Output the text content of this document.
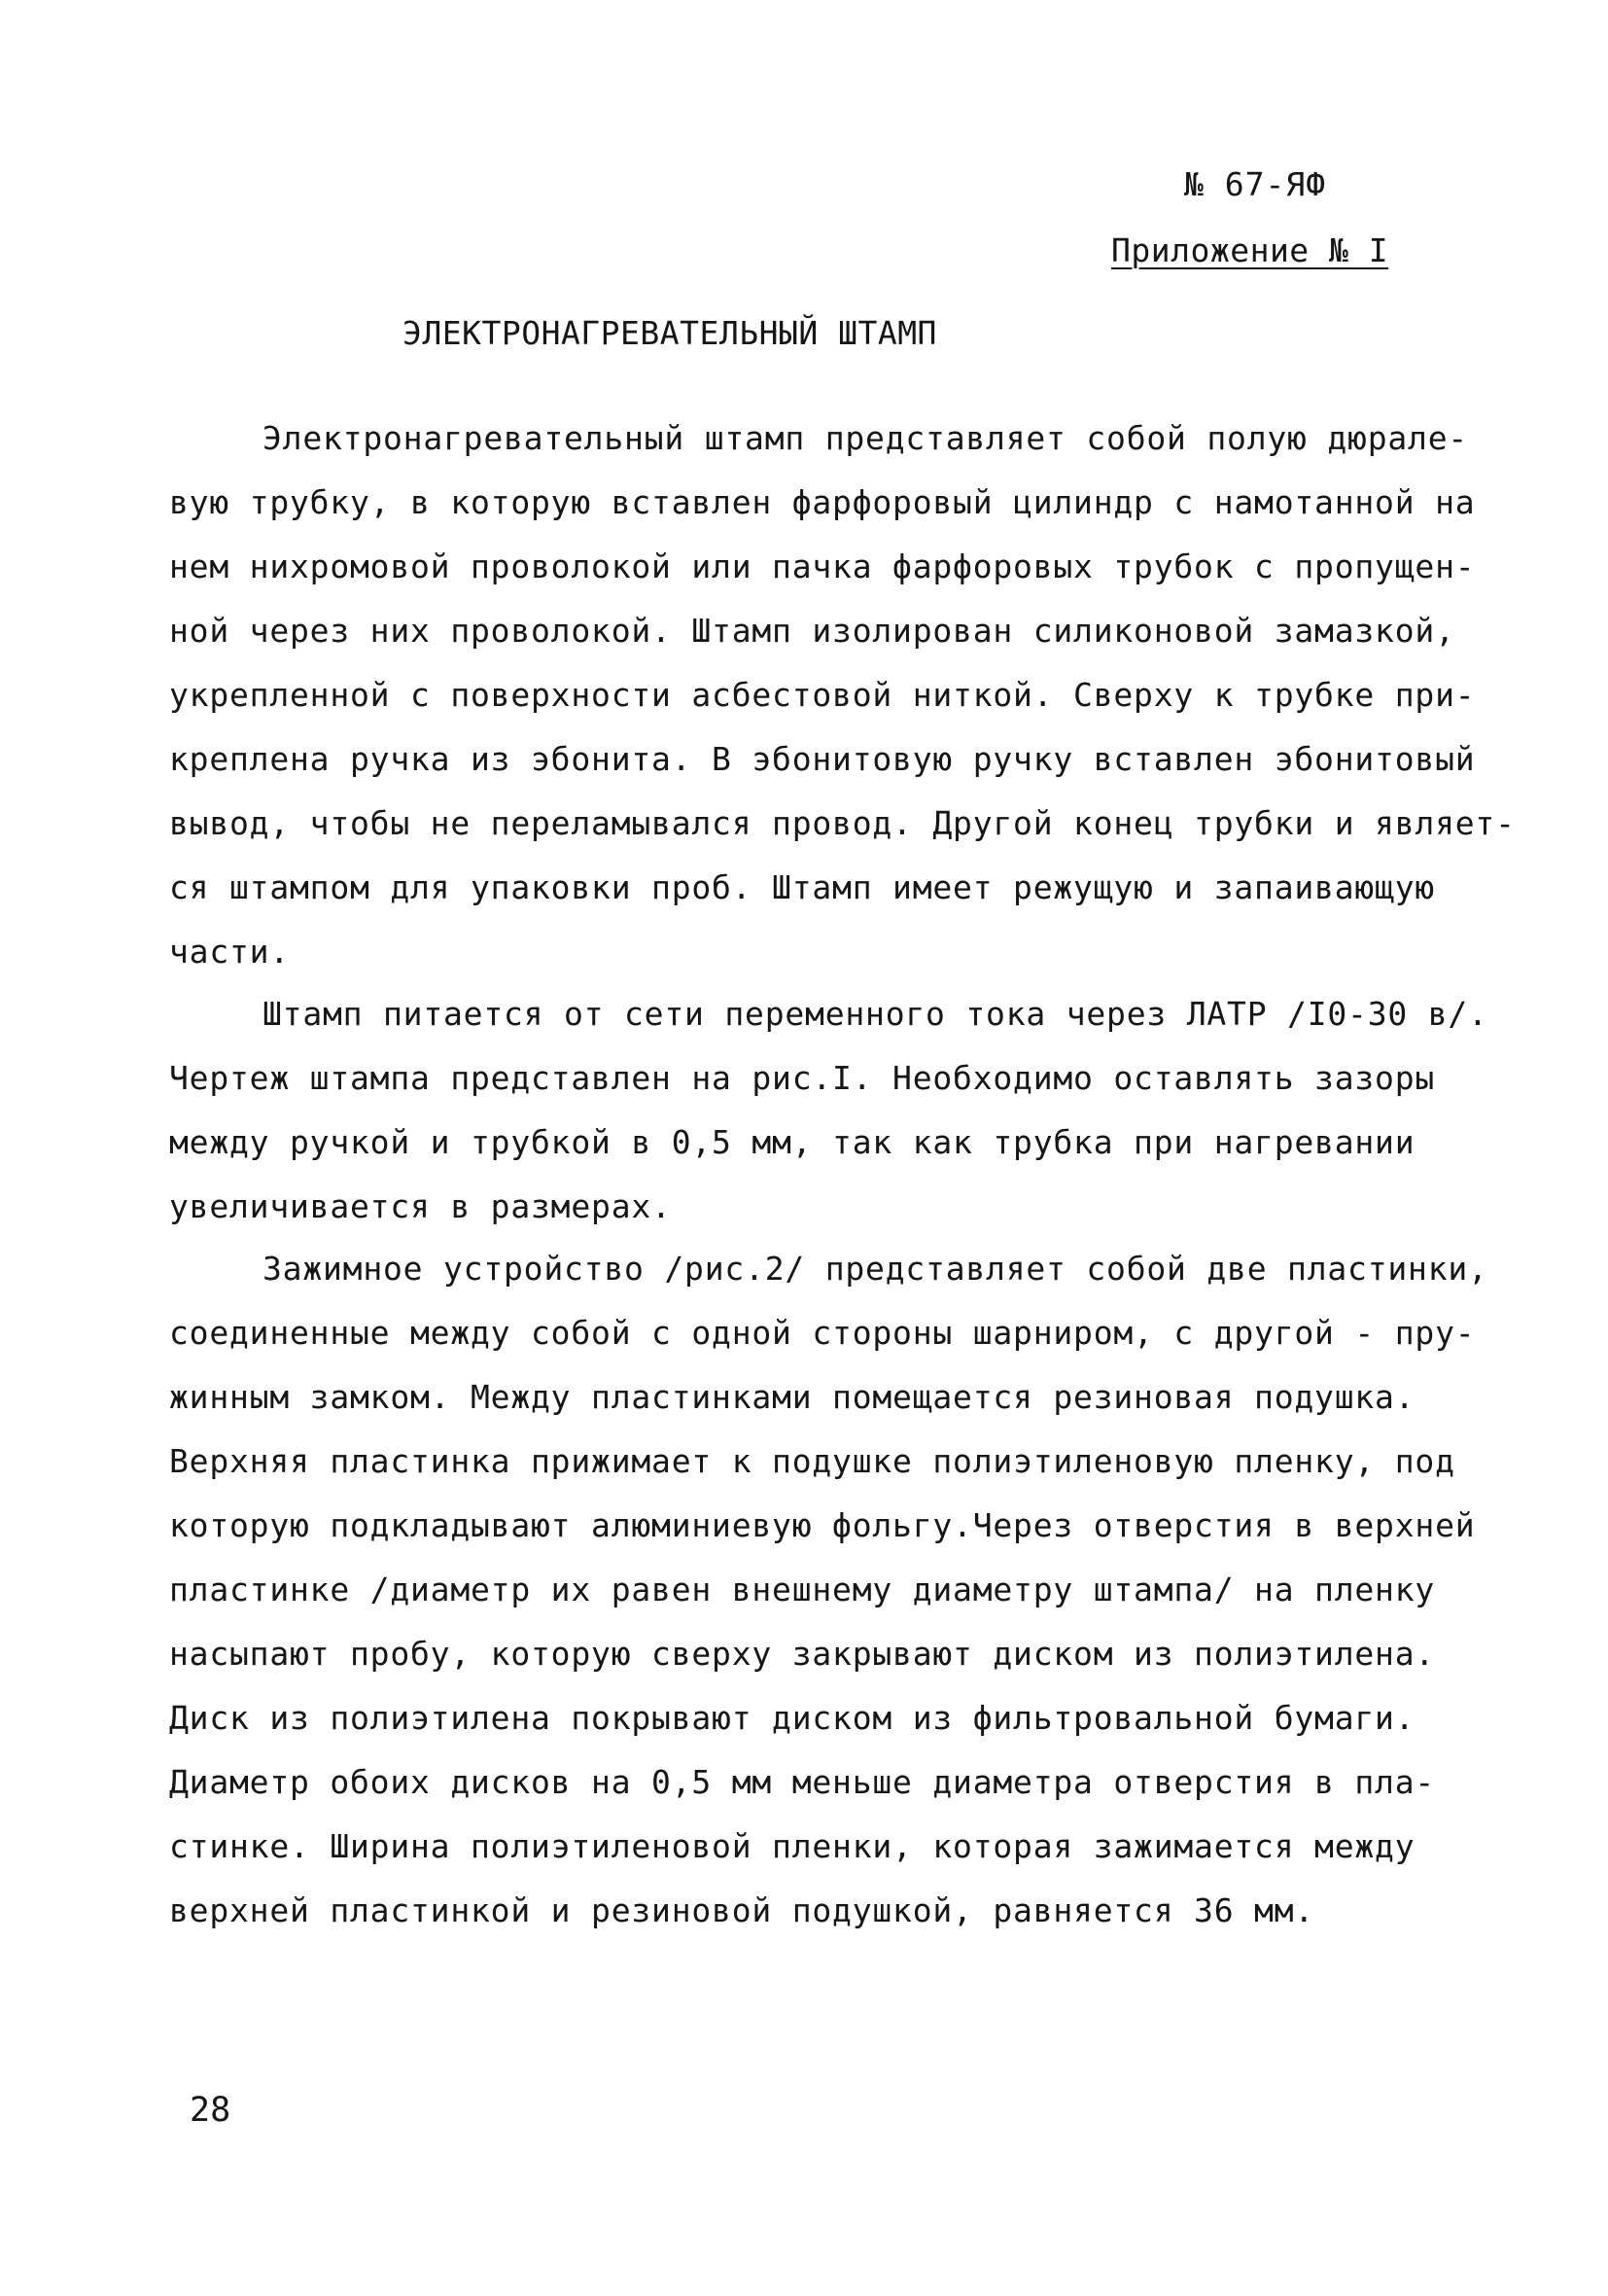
№ 67-ЯФ
Приложение № I
ЭЛЕКТРОНАГРЕВАТЕЛЬНЫЙ ШТАМП
Электронагревательный штамп представляет собой полую дюрале-
вую трубку, в которую вставлен фарфоровый цилиндр с намотанной на
нем нихромовой проволокой или пачка фарфоровых трубок с пропущен-
ной через них проволокой. Штамп изолирован силиконовой замазкой,
укрепленной с поверхности асбестовой ниткой. Сверху к трубке при-
креплена ручка из эбонита. В эбонитовую ручку вставлен эбонитовый
вывод, чтобы не переламывался провод. Другой конец трубки и являет-
ся штампом для упаковки проб. Штамп имеет режущую и запаивающую
части.
Штамп питается от сети переменного тока через ЛАТР /I0-30 в/.
Чертеж штампа представлен на рис.I. Необходимо оставлять зазоры
между ручкой и трубкой в 0,5 мм, так как трубка при нагревании
увеличивается в размерах.
Зажимное устройство /рис.2/ представляет собой две пластинки,
соединенные между собой с одной стороны шарниром, с другой - пру-
жинным замком. Между пластинками помещается резиновая подушка.
Верхняя пластинка прижимает к подушке полиэтиленовую пленку, под
которую подкладывают алюминиевую фольгу.Через отверстия в верхней
пластинке /диаметр их равен внешнему диаметру штампа/ на пленку
насыпают пробу, которую сверху закрывают диском из полиэтилена.
Диск из полиэтилена покрывают диском из фильтровальной бумаги.
Диаметр обоих дисков на 0,5 мм меньше диаметра отверстия в пла-
стинке. Ширина полиэтиленовой пленки, которая зажимается между
верхней пластинкой и резиновой подушкой, равняется 36 мм.
28
